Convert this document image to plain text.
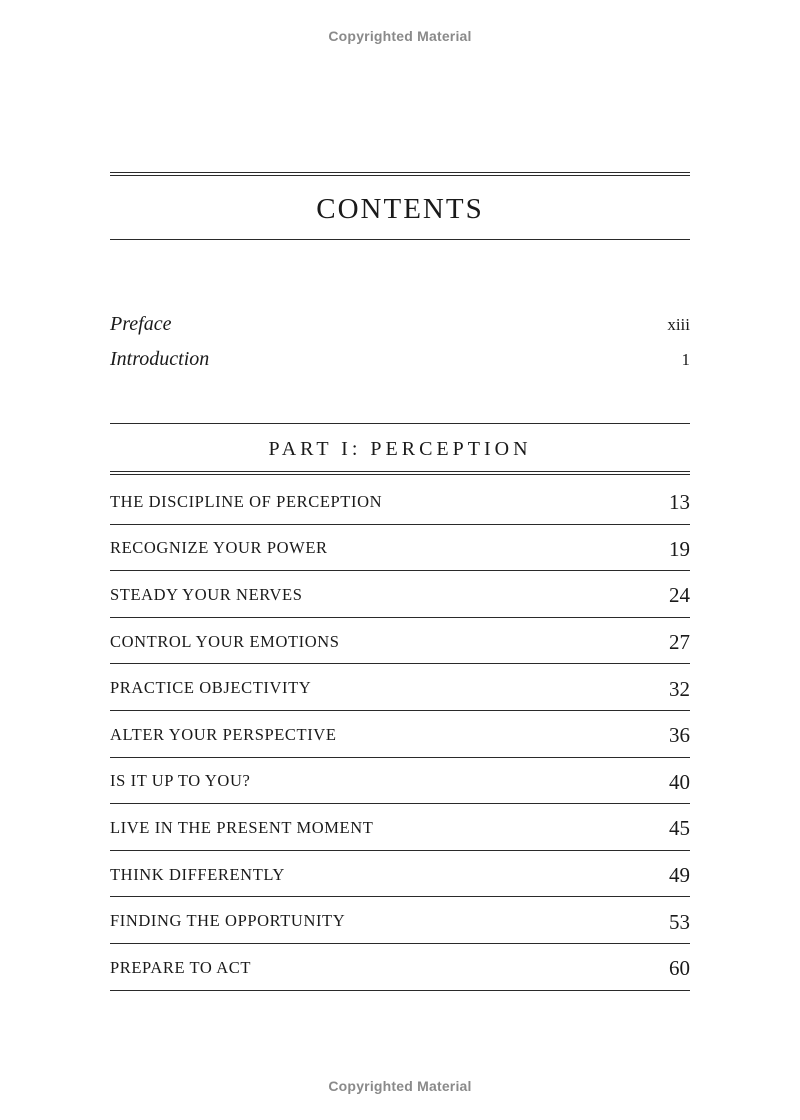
Copyrighted Material
CONTENTS
Preface	xiii
Introduction	1
PART I: PERCEPTION
THE DISCIPLINE OF PERCEPTION	13
RECOGNIZE YOUR POWER	19
STEADY YOUR NERVES	24
CONTROL YOUR EMOTIONS	27
PRACTICE OBJECTIVITY	32
ALTER YOUR PERSPECTIVE	36
IS IT UP TO YOU?	40
LIVE IN THE PRESENT MOMENT	45
THINK DIFFERENTLY	49
FINDING THE OPPORTUNITY	53
PREPARE TO ACT	60
Copyrighted Material
